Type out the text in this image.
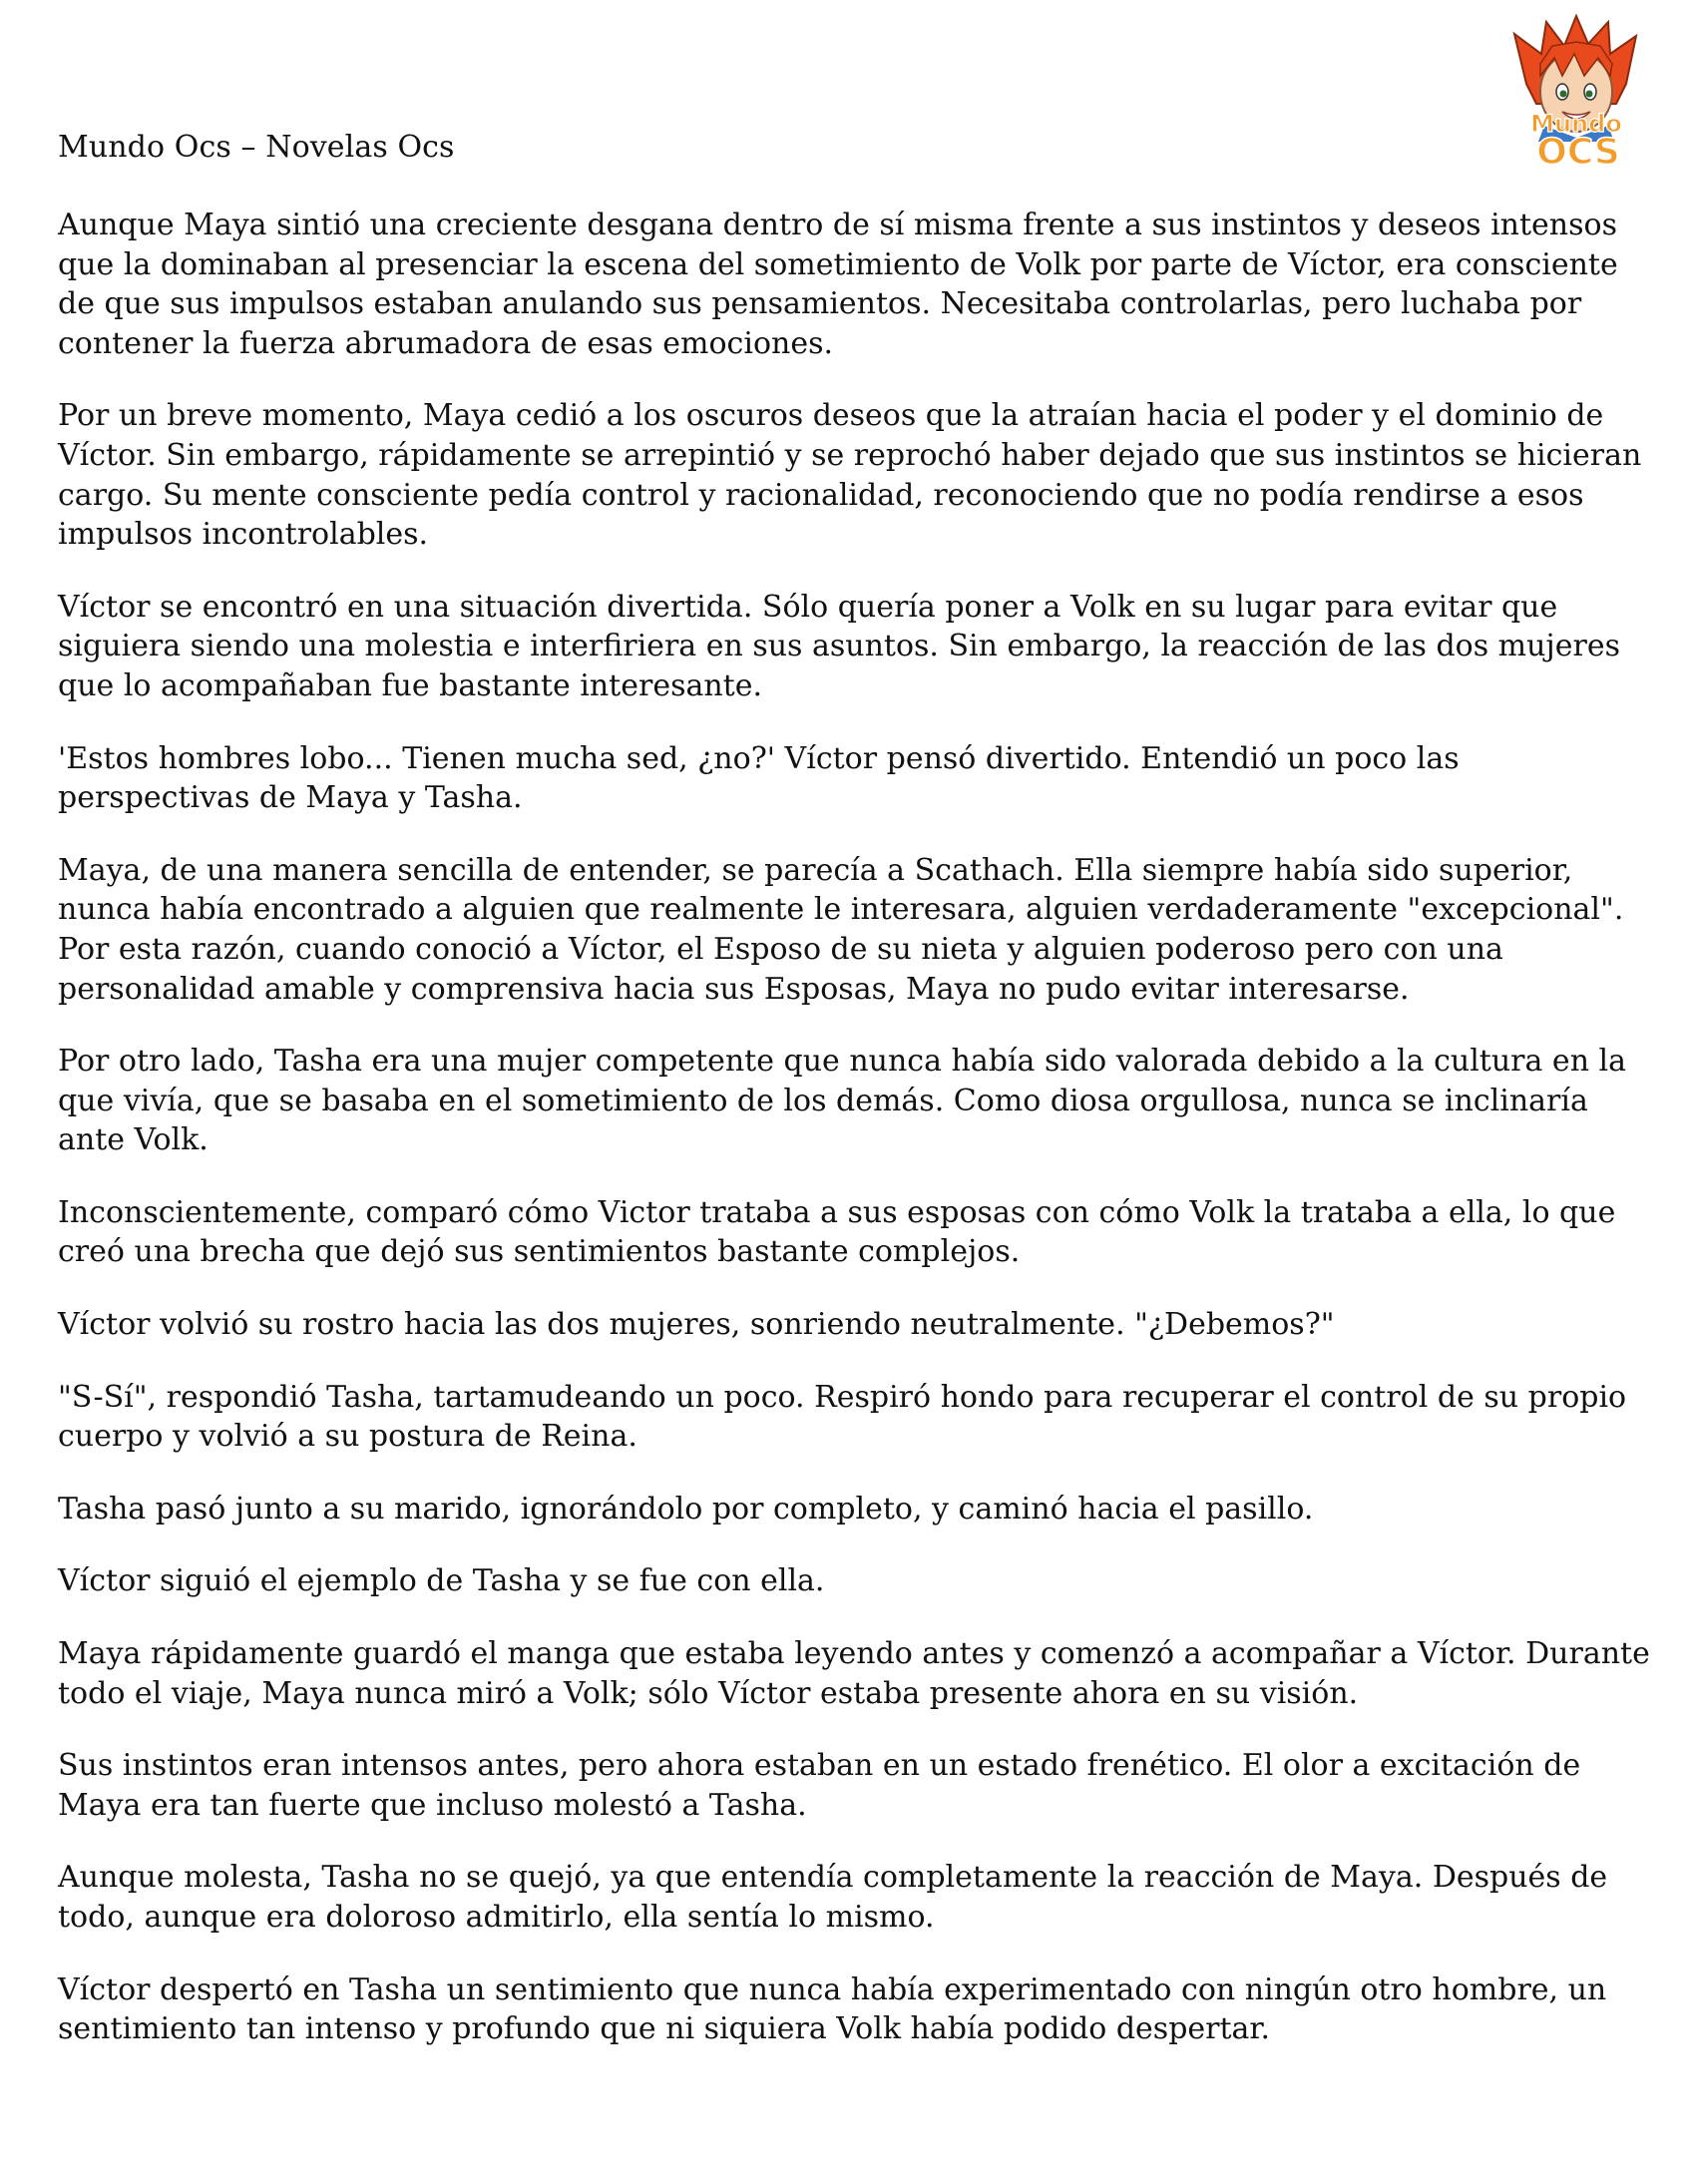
Mundo Ocs – Novelas Ocs
Mundo
OCS

Aunque Maya sintió una creciente desgana dentro de sí misma frente a sus instintos y deseos intensos que la dominaban al presenciar la escena del sometimiento de Volk por parte de Víctor, era consciente de que sus impulsos estaban anulando sus pensamientos. Necesitaba controlarlas, pero luchaba por contener la fuerza abrumadora de esas emociones.

Por un breve momento, Maya cedió a los oscuros deseos que la atraían hacia el poder y el dominio de Víctor. Sin embargo, rápidamente se arrepintió y se reprochó haber dejado que sus instintos se hicieran cargo. Su mente consciente pedía control y racionalidad, reconociendo que no podía rendirse a esos impulsos incontrolables.

Víctor se encontró en una situación divertida. Sólo quería poner a Volk en su lugar para evitar que siguiera siendo una molestia e interfiriera en sus asuntos. Sin embargo, la reacción de las dos mujeres que lo acompañaban fue bastante interesante.

'Estos hombres lobo... Tienen mucha sed, ¿no?' Víctor pensó divertido. Entendió un poco las perspectivas de Maya y Tasha.

Maya, de una manera sencilla de entender, se parecía a Scathach. Ella siempre había sido superior, nunca había encontrado a alguien que realmente le interesara, alguien verdaderamente "excepcional". Por esta razón, cuando conoció a Víctor, el Esposo de su nieta y alguien poderoso pero con una personalidad amable y comprensiva hacia sus Esposas, Maya no pudo evitar interesarse.

Por otro lado, Tasha era una mujer competente que nunca había sido valorada debido a la cultura en la que vivía, que se basaba en el sometimiento de los demás. Como diosa orgullosa, nunca se inclinaría ante Volk.

Inconscientemente, comparó cómo Victor trataba a sus esposas con cómo Volk la trataba a ella, lo que creó una brecha que dejó sus sentimientos bastante complejos.

Víctor volvió su rostro hacia las dos mujeres, sonriendo neutralmente. "¿Debemos?"

"S-Sí", respondió Tasha, tartamudeando un poco. Respiró hondo para recuperar el control de su propio cuerpo y volvió a su postura de Reina.

Tasha pasó junto a su marido, ignorándolo por completo, y caminó hacia el pasillo.

Víctor siguió el ejemplo de Tasha y se fue con ella.

Maya rápidamente guardó el manga que estaba leyendo antes y comenzó a acompañar a Víctor. Durante todo el viaje, Maya nunca miró a Volk; sólo Víctor estaba presente ahora en su visión.

Sus instintos eran intensos antes, pero ahora estaban en un estado frenético. El olor a excitación de Maya era tan fuerte que incluso molestó a Tasha.

Aunque molesta, Tasha no se quejó, ya que entendía completamente la reacción de Maya. Después de todo, aunque era doloroso admitirlo, ella sentía lo mismo.

Víctor despertó en Tasha un sentimiento que nunca había experimentado con ningún otro hombre, un sentimiento tan intenso y profundo que ni siquiera Volk había podido despertar.
